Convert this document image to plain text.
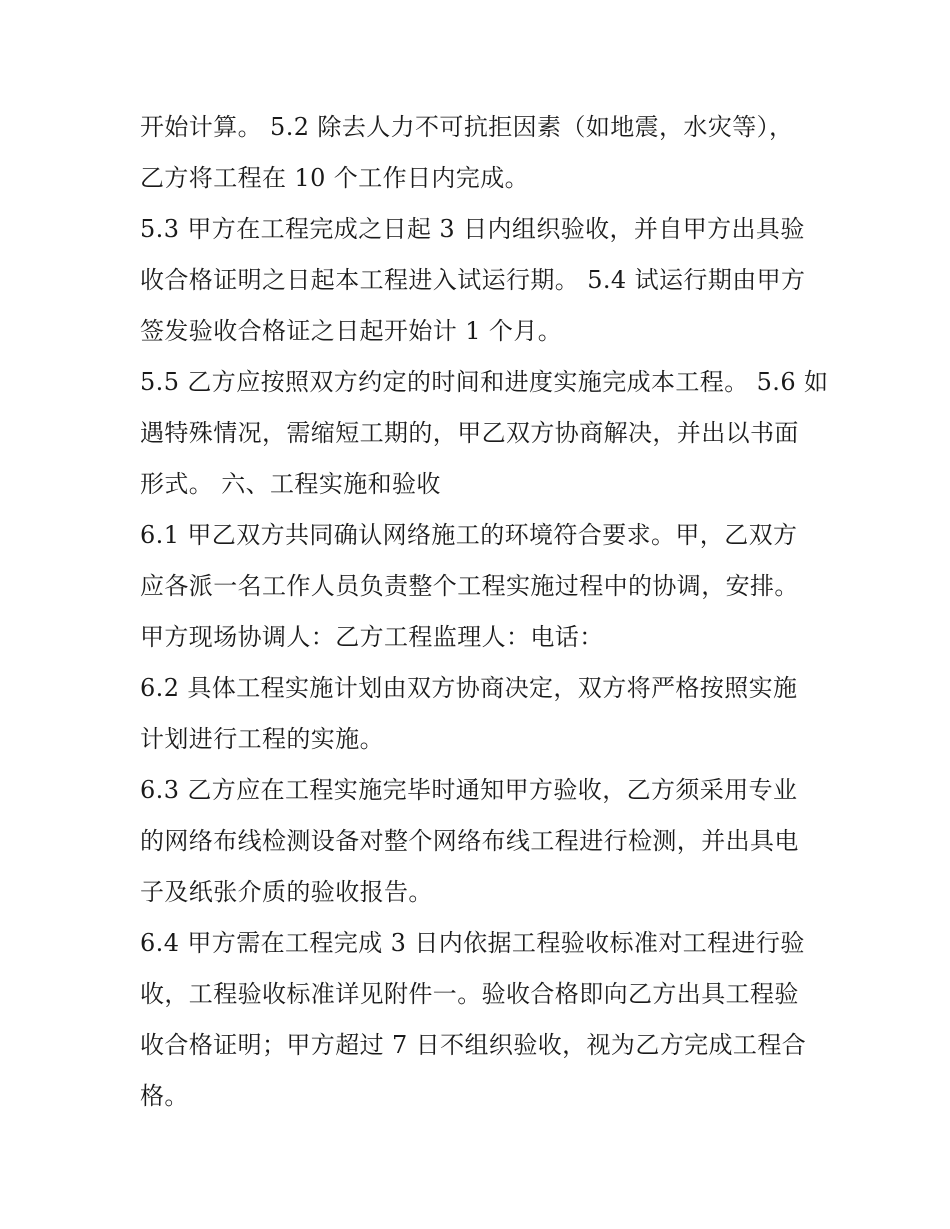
开始计算。 5.2 除去人力不可抗拒因素（如地震，水灾等），
乙方将工程在 10 个工作日内完成。
5.3 甲方在工程完成之日起 3 日内组织验收，并自甲方出具验
收合格证明之日起本工程进入试运行期。 5.4 试运行期由甲方
签发验收合格证之日起开始计 1 个月。
5.5 乙方应按照双方约定的时间和进度实施完成本工程。 5.6 如
遇特殊情况，需缩短工期的，甲乙双方协商解决，并出以书面
形式。 六、工程实施和验收
6.1 甲乙双方共同确认网络施工的环境符合要求。甲，乙双方
应各派一名工作人员负责整个工程实施过程中的协调，安排。
甲方现场协调人：乙方工程监理人：电话：
6.2 具体工程实施计划由双方协商决定，双方将严格按照实施
计划进行工程的实施。
6.3 乙方应在工程实施完毕时通知甲方验收，乙方须采用专业
的网络布线检测设备对整个网络布线工程进行检测，并出具电
子及纸张介质的验收报告。
6.4 甲方需在工程完成 3 日内依据工程验收标准对工程进行验
收，工程验收标准详见附件一。验收合格即向乙方出具工程验
收合格证明；甲方超过 7 日不组织验收，视为乙方完成工程合
格。
